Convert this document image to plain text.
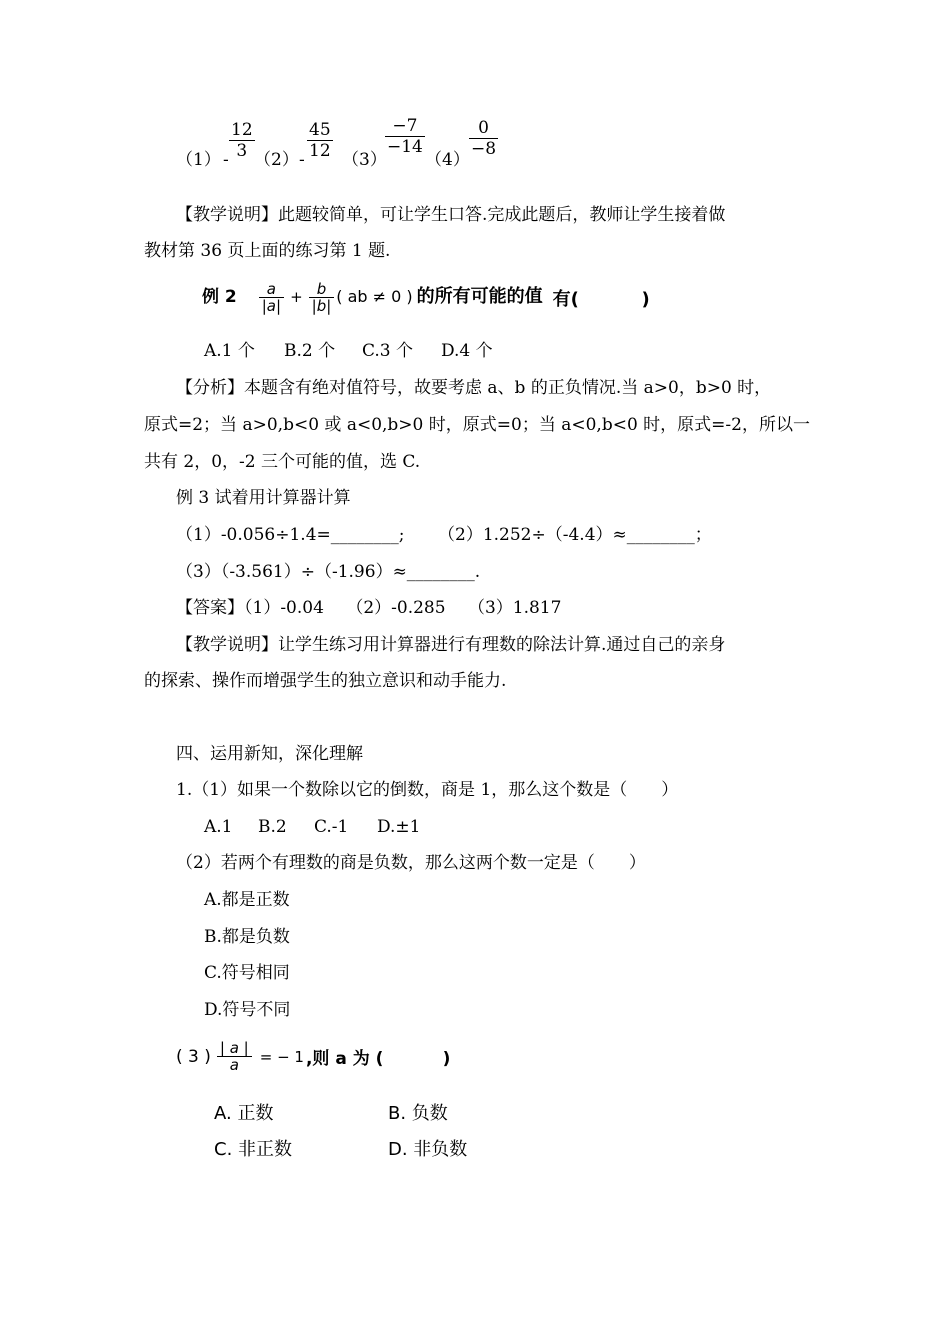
$(1) - \frac{12}{3} (2) - \frac{45}{12} (3)$
$\frac{-7}{-14}$
（4）
$\frac{0}{-8}$
【教学说明】此题较简单，可让学生口答.完成此题后，教师让学生接着做
教材第 36 页上面的练习第 1 题.
例 $2 \frac{a}{|a|} + \frac{b}{|b|}$ ( ab ≠ 0 ) 的所有可能的值 有(          )
A.1 个 B.2 个 C.3 个 D.4 个
【分析】本题含有绝对值符号，故要考虑 a、b 的正负情况.当 a>0，b>0 时，
原式=2；当 a>0,b<0 或 a<0,b>0 时，原式=0；当 a<0,b<0 时，原式=-2，所以一
共有 2，0，-2 三个可能的值，选 C.
例 3 试着用计算器计算
（1）-0.056÷1.4=________; （2）1.252÷（-4.4）≈________；
（3）（-3.561）÷（-1.96）≈________.
【答案】（1）-0.04　 （2）-0.285　 （3）1.817
【教学说明】让学生练习用计算器进行有理数的除法计算.通过自己的亲身
的探索、操作而增强学生的独立意识和动手能力.
四、运用新知，深化理解
1.（1）如果一个数除以它的倒数，商是 1，那么这个数是（　　）
A.1 B.2 C.-1 D.±1
（2）若两个有理数的商是负数，那么这两个数一定是（　　）
A.都是正数
B.都是负数
C.符号相同
D.符号不同
( 3 ) $\frac{| a |}{a}$ = − 1 ,则 a 为 (          )
A. 正数	B. 负数
C. 非正数	D. 非负数
